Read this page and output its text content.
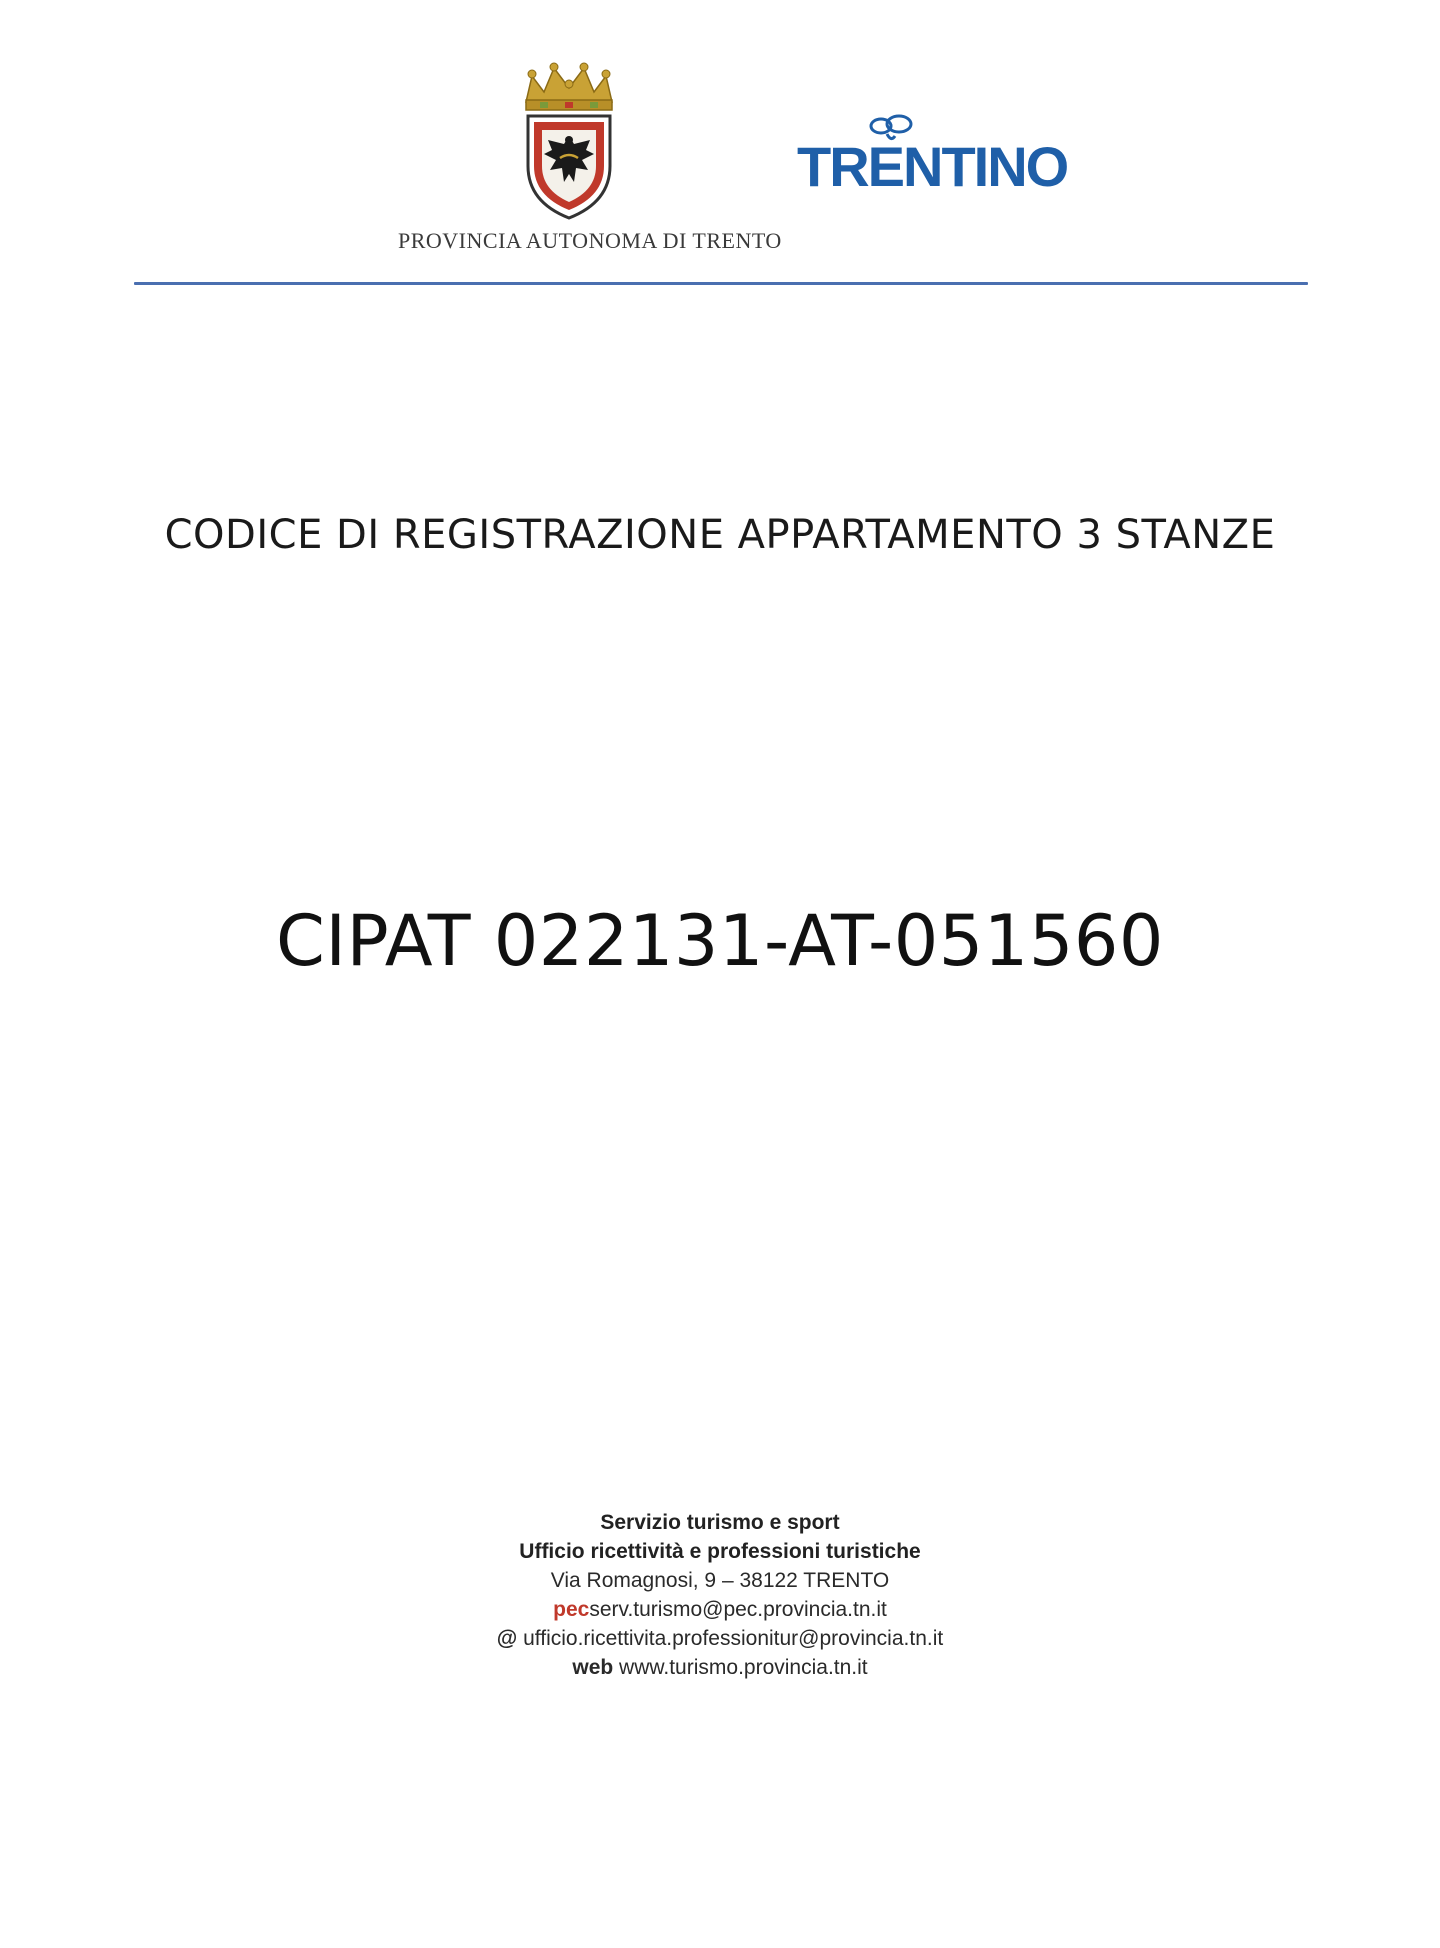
PROVINCIA AUTONOMA DI TRENTO
TRENTINO
CODICE DI REGISTRAZIONE APPARTAMENTO 3 STANZE
CIPAT 022131-AT-051560
Servizio turismo e sport
Ufficio ricettività e professioni turistiche
Via Romagnosi, 9 – 38122 TRENTO
pecserv.turismo@pec.provincia.tn.it
@ ufficio.ricettivita.professionitur@provincia.tn.it
web www.turismo.provincia.tn.it
